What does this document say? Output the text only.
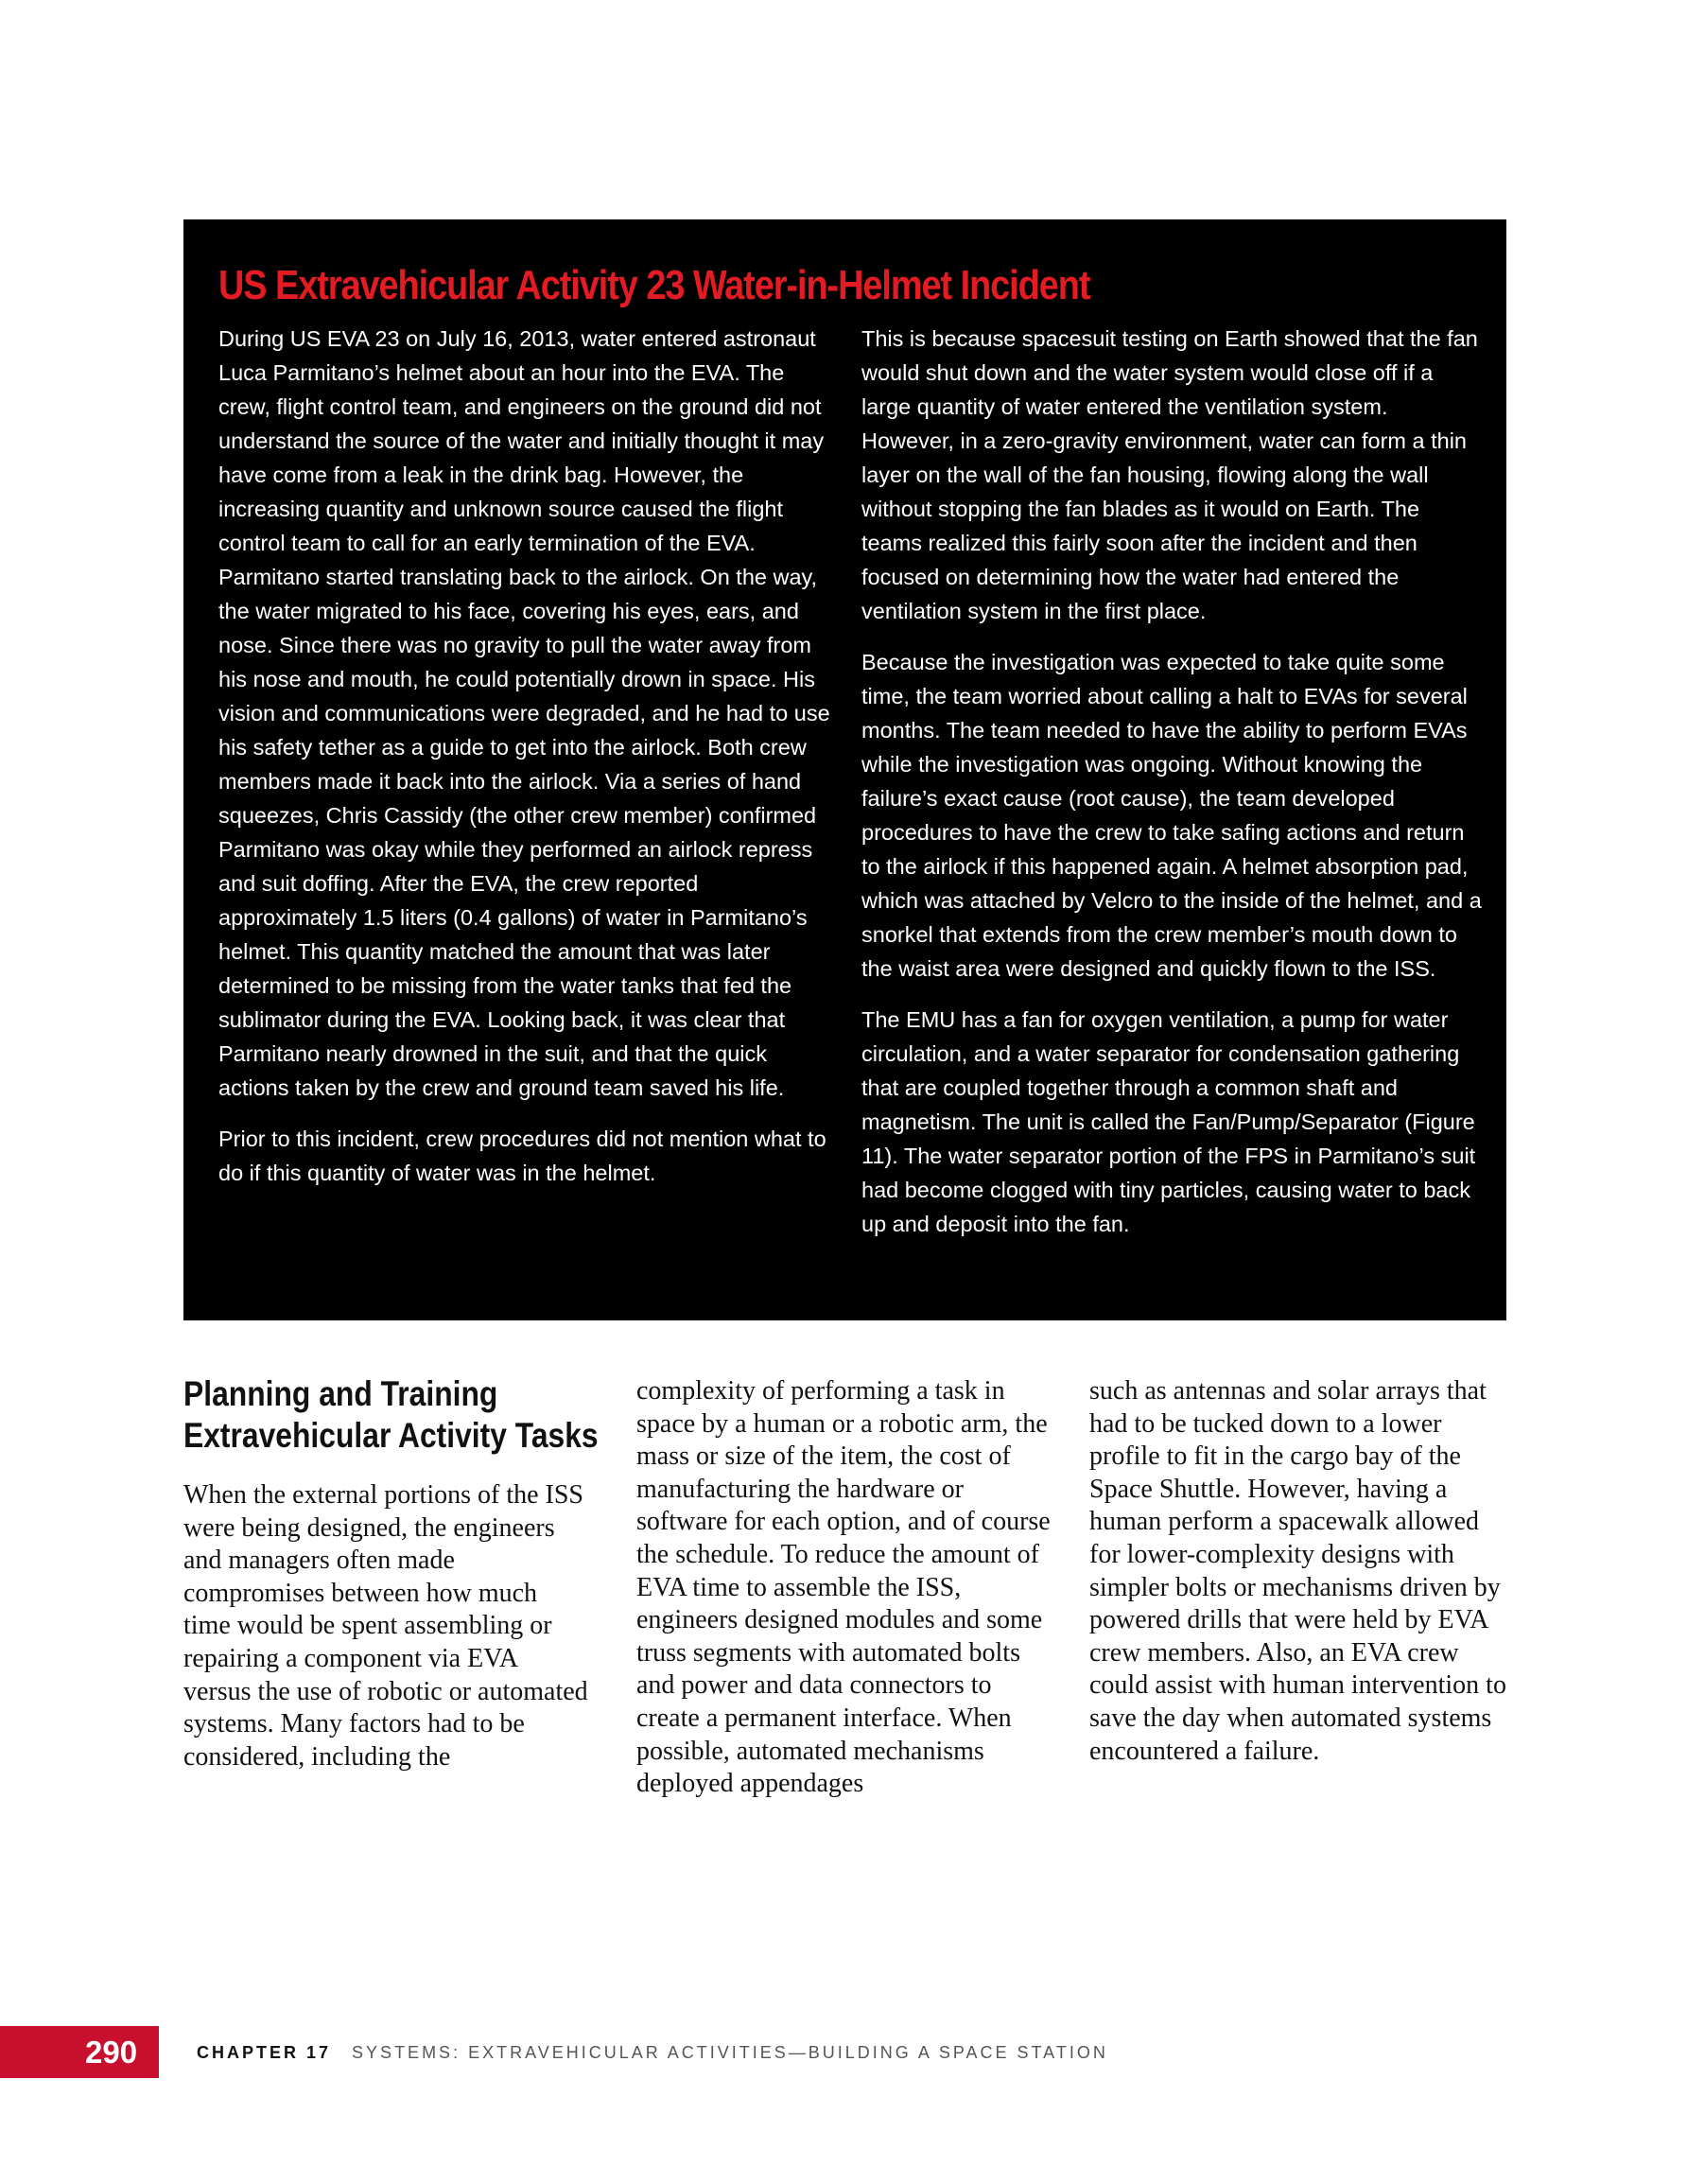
US Extravehicular Activity 23 Water-in-Helmet Incident

During US EVA 23 on July 16, 2013, water entered astronaut Luca Parmitano’s helmet about an hour into the EVA. The crew, flight control team, and engineers on the ground did not understand the source of the water and initially thought it may have come from a leak in the drink bag. However, the increasing quantity and unknown source caused the flight control team to call for an early termination of the EVA. Parmitano started translating back to the airlock. On the way, the water migrated to his face, covering his eyes, ears, and nose. Since there was no gravity to pull the water away from his nose and mouth, he could potentially drown in space. His vision and communications were degraded, and he had to use his safety tether as a guide to get into the airlock. Both crew members made it back into the airlock. Via a series of hand squeezes, Chris Cassidy (the other crew member) confirmed Parmitano was okay while they performed an airlock repress and suit doffing. After the EVA, the crew reported approximately 1.5 liters (0.4 gallons) of water in Parmitano’s helmet. This quantity matched the amount that was later determined to be missing from the water tanks that fed the sublimator during the EVA. Looking back, it was clear that Parmitano nearly drowned in the suit, and that the quick actions taken by the crew and ground team saved his life.

Prior to this incident, crew procedures did not mention what to do if this quantity of water was in the helmet.

This is because spacesuit testing on Earth showed that the fan would shut down and the water system would close off if a large quantity of water entered the ventilation system. However, in a zero-gravity environment, water can form a thin layer on the wall of the fan housing, flowing along the wall without stopping the fan blades as it would on Earth. The teams realized this fairly soon after the incident and then focused on determining how the water had entered the ventilation system in the first place.

Because the investigation was expected to take quite some time, the team worried about calling a halt to EVAs for several months. The team needed to have the ability to perform EVAs while the investigation was ongoing. Without knowing the failure’s exact cause (root cause), the team developed procedures to have the crew to take safing actions and return to the airlock if this happened again. A helmet absorption pad, which was attached by Velcro to the inside of the helmet, and a snorkel that extends from the crew member’s mouth down to the waist area were designed and quickly flown to the ISS.

The EMU has a fan for oxygen ventilation, a pump for water circulation, and a water separator for condensation gathering that are coupled together through a common shaft and magnetism. The unit is called the Fan/Pump/Separator (Figure 11). The water separator portion of the FPS in Parmitano’s suit had become clogged with tiny particles, causing water to back up and deposit into the fan.

Planning and Training
Extravehicular Activity Tasks

When the external portions of the ISS were being designed, the engineers and managers often made compromises between how much time would be spent assembling or repairing a component via EVA versus the use of robotic or automated systems. Many factors had to be considered, including the

complexity of performing a task in space by a human or a robotic arm, the mass or size of the item, the cost of manufacturing the hardware or software for each option, and of course the schedule. To reduce the amount of EVA time to assemble the ISS, engineers designed modules and some truss segments with automated bolts and power and data connectors to create a permanent interface. When possible, automated mechanisms deployed appendages

such as antennas and solar arrays that had to be tucked down to a lower profile to fit in the cargo bay of the Space Shuttle. However, having a human perform a spacewalk allowed for lower-complexity designs with simpler bolts or mechanisms driven by powered drills that were held by EVA crew members. Also, an EVA crew could assist with human intervention to save the day when automated systems encountered a failure.

290	CHAPTER 17 SYSTEMS: EXTRAVEHICULAR ACTIVITIES—BUILDING A SPACE STATION
